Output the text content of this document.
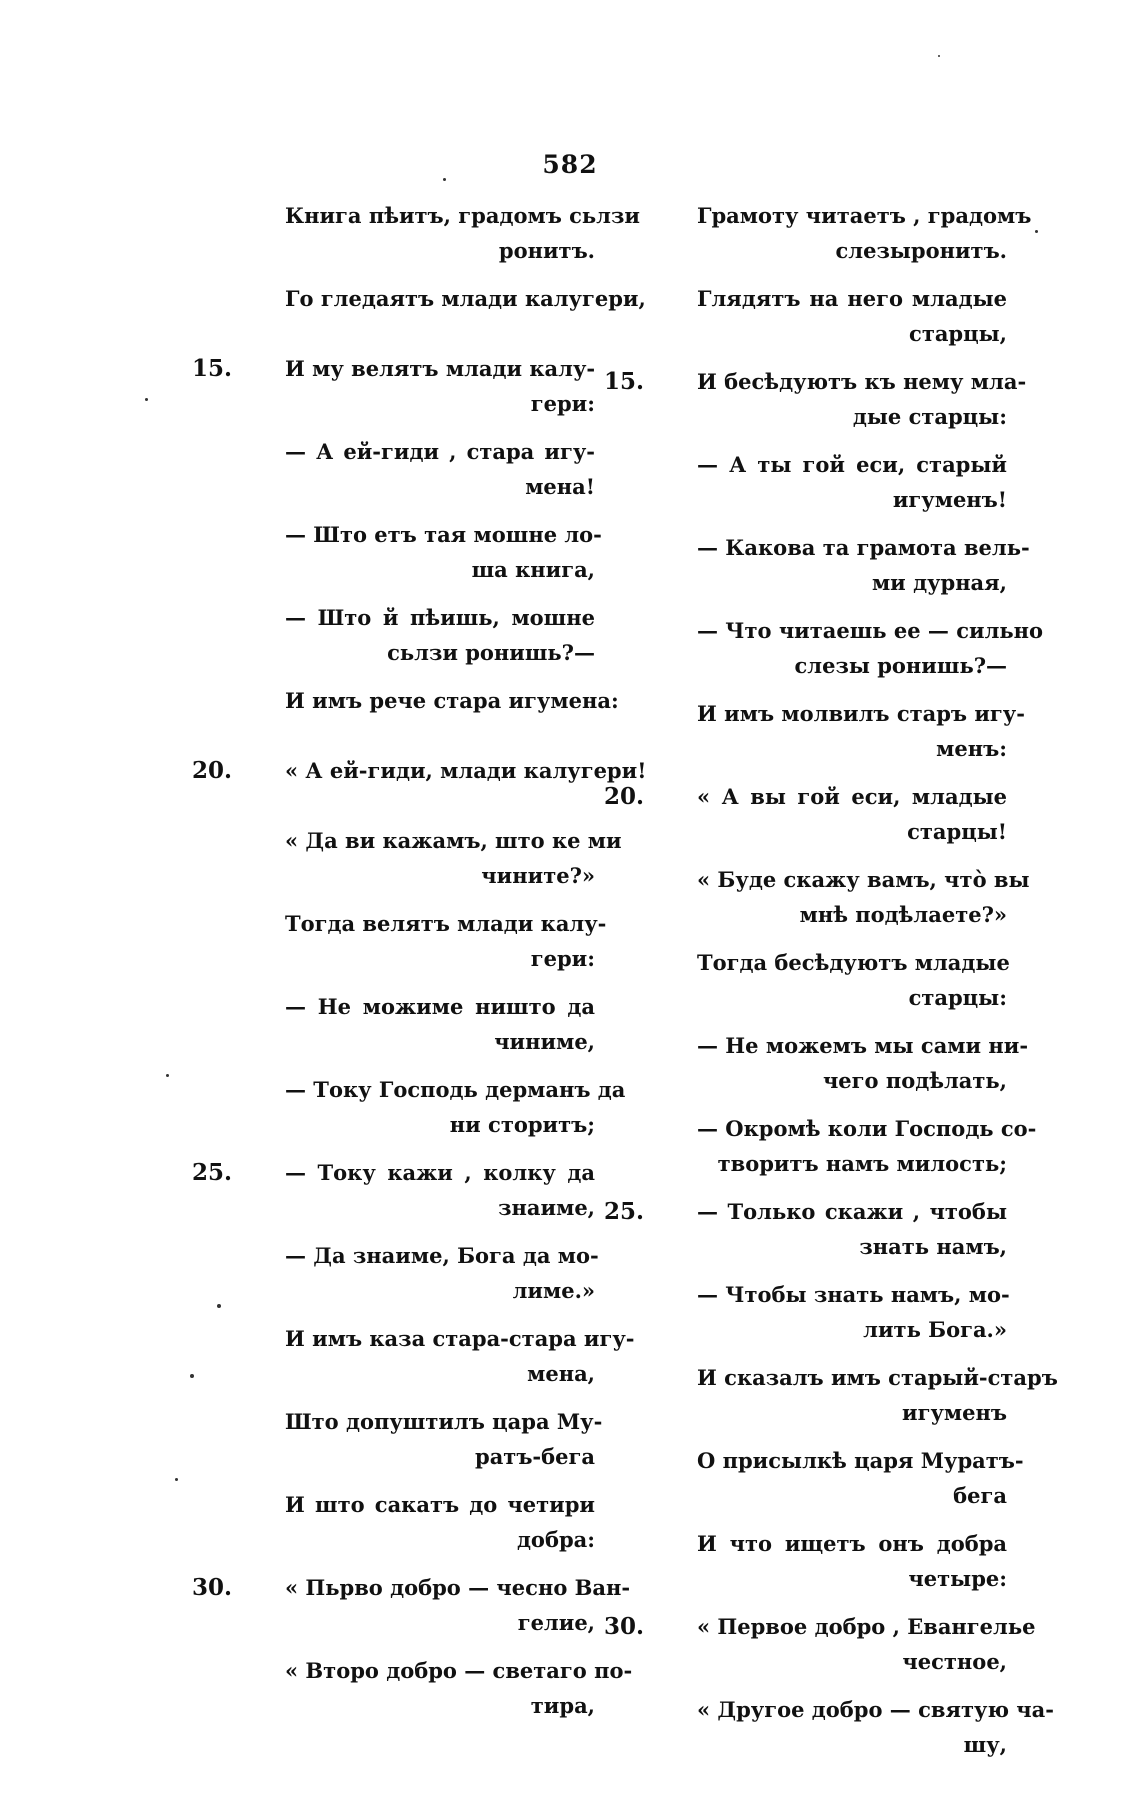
582
Книга пѣитъ, градомъ сьлзи
ронитъ.
Го гледаятъ млади калугери,
15.	И му велятъ млади калу-
гери:
— А ей-гиди , стара игу-
мена!
— Што етъ тая мошне ло-
ша книга,
— Што й пѣишь, мошне
сьлзи ронишь?—
И имъ рече стара игумена:
20.	« А ей-гиди, млади калугери!
« Да ви кажамъ, што ке ми
чините?»
Тогда велятъ млади калу-
гери:
— Не можиме ништо да
чиниме,
— Току Господь дерманъ да
ни сторитъ;
25.	— Току кажи , колку да
знаиме,
— Да знаиме, Бога да мо-
лиме.»
И имъ каза стара-стара игу-
мена,
Што допуштилъ цара Му-
ратъ-бега
И што сакатъ до четири
добра:
30.	« Пьрво добро — чесно Ван-
гелие,
« Второ добро — светаго по-
тира,
Грамоту читаетъ , градомъ
слезыронитъ.
Глядятъ на него младые
старцы,
15.	И бесѣдуютъ къ нему мла-
дые старцы:
— А ты гой еси, старый
игуменъ!
— Какова та грамота вель-
ми дурная,
— Что читаешь ее — сильно
слезы ронишь?—
И имъ молвилъ старъ игу-
менъ:
20.	« А вы гой еси, младые
старцы!
« Буде скажу вамъ, что̀ вы
мнѣ подѣлаете?»
Тогда бесѣдуютъ младые
старцы:
— Не можемъ мы сами ни-
чего подѣлать,
— Окромѣ коли Господь со-
творитъ намъ милость;
25.	— Только скажи , чтобы
знать намъ,
— Чтобы знать намъ, мо-
лить Бога.»
И сказалъ имъ старый-старъ
игуменъ
О присылкѣ царя Муратъ-
бега
И что ищетъ онъ добра
четыре:
30.	« Первое добро , Евангелье
честное,
« Другое добро — святую ча-
шу,
